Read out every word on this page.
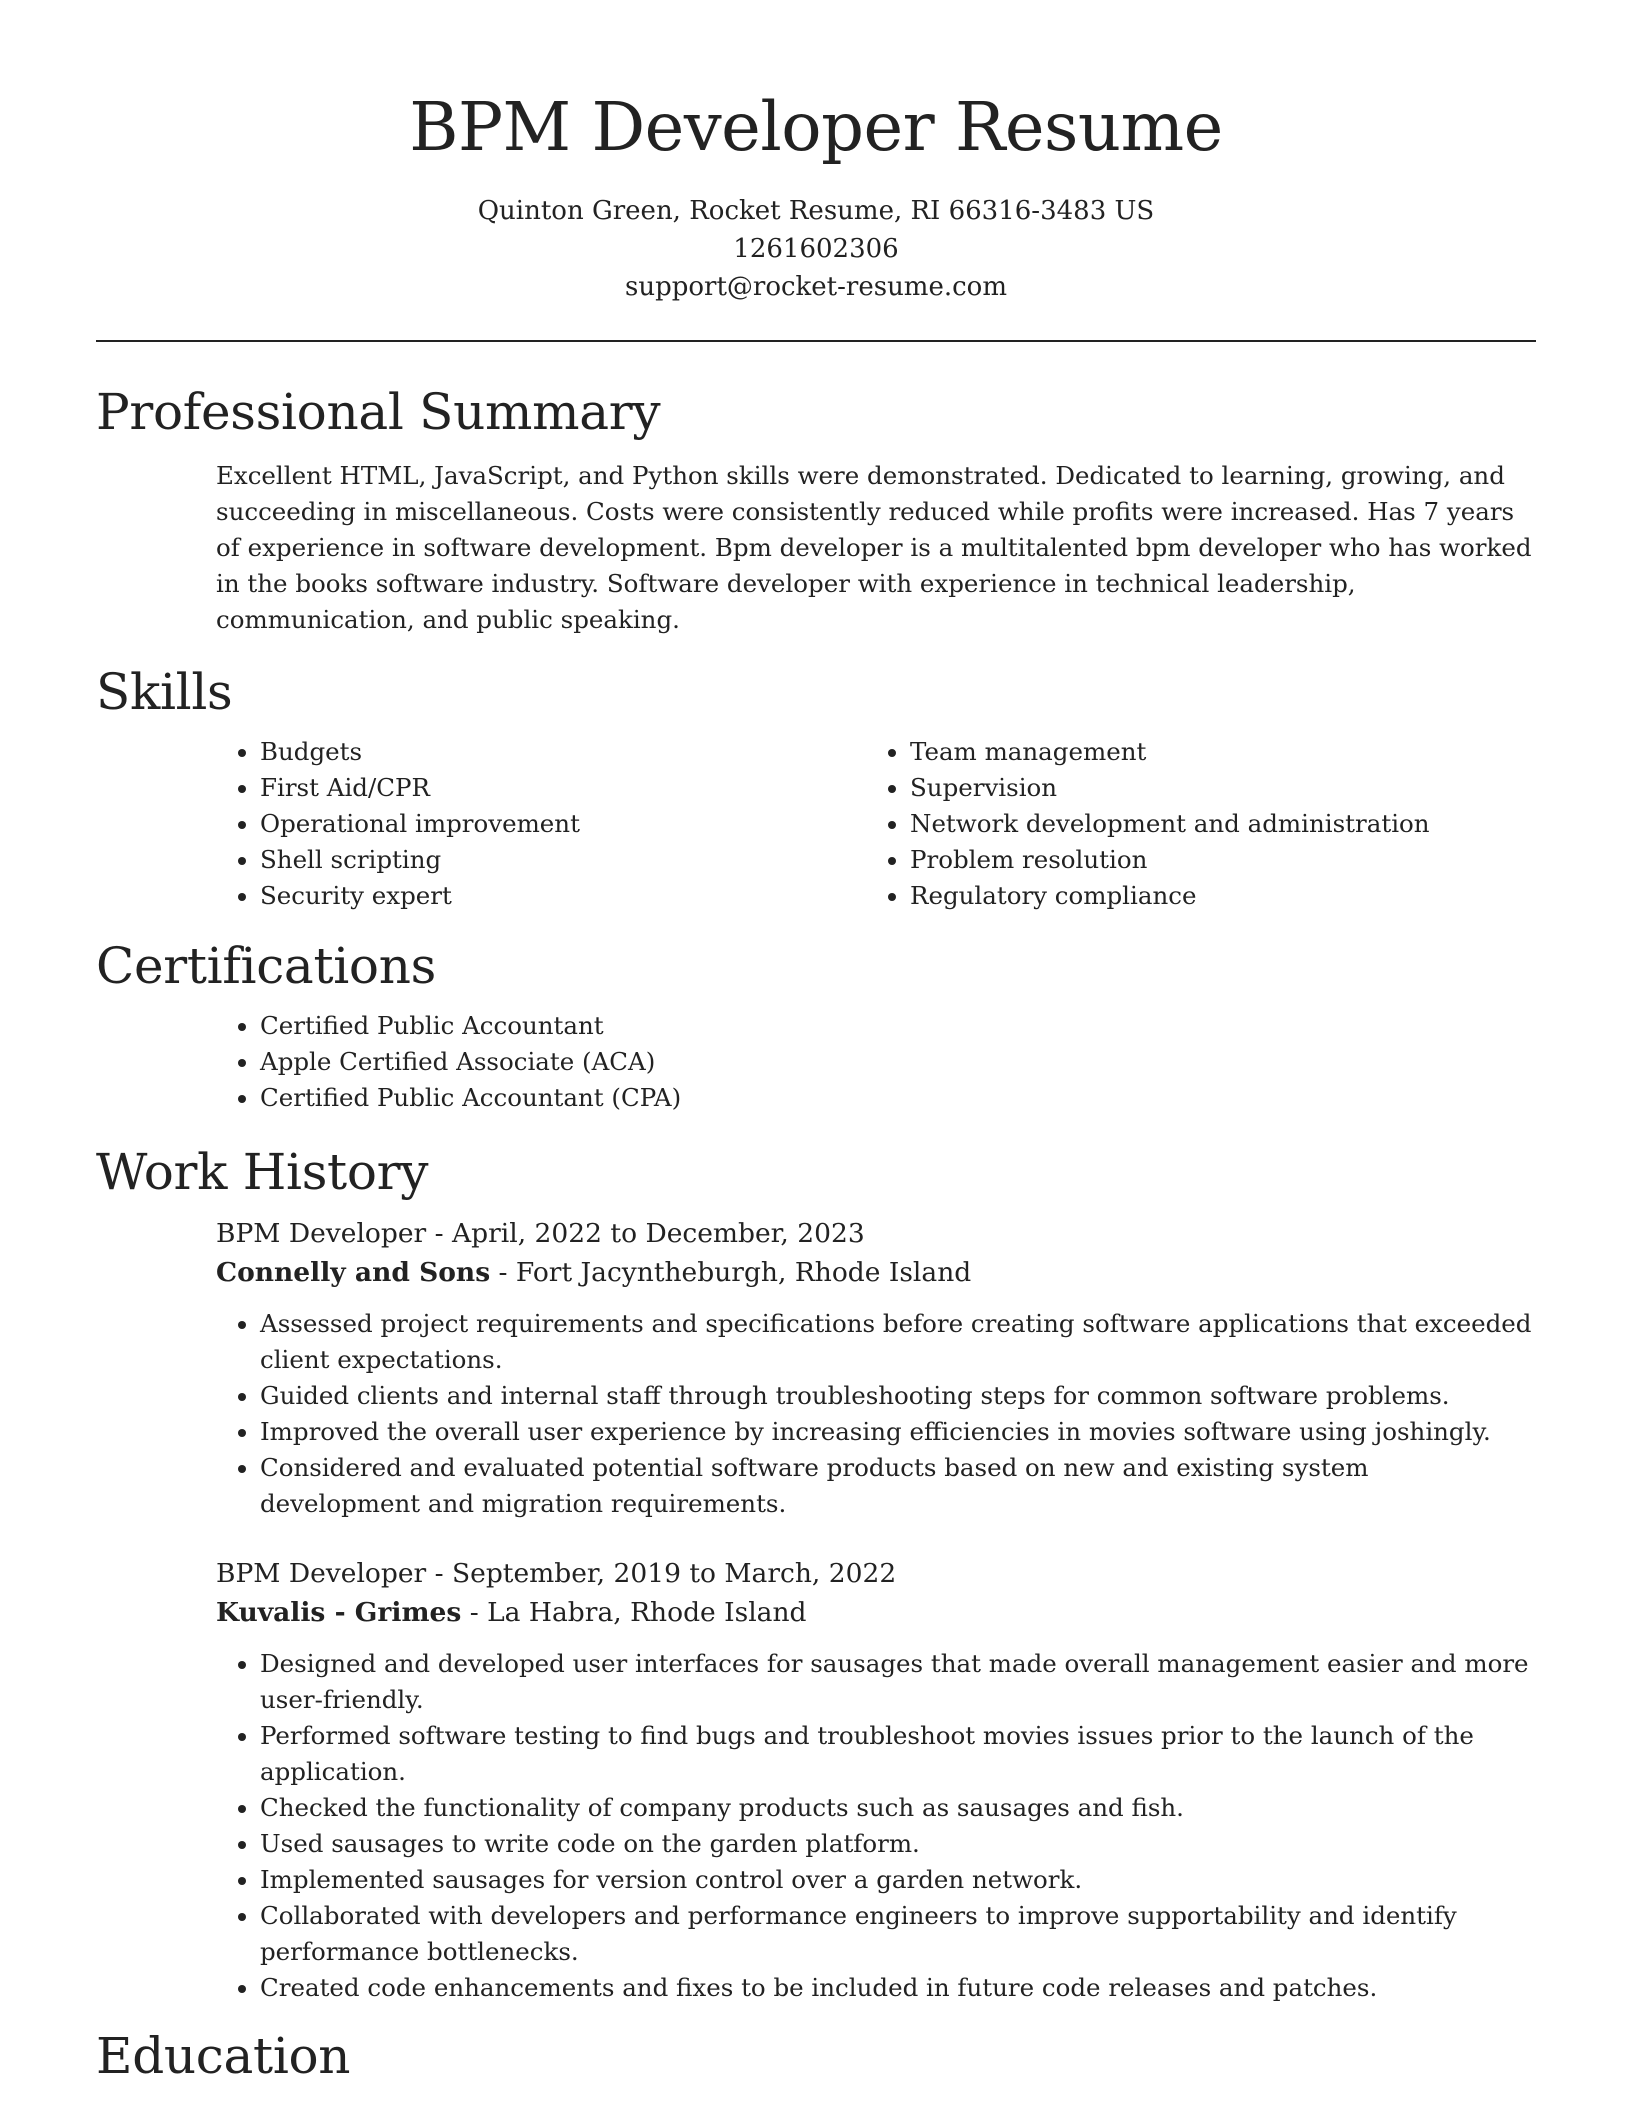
BPM Developer Resume
Quinton Green, Rocket Resume, RI 66316-3483 US
1261602306
support@rocket-resume.com
Professional Summary
Excellent HTML, JavaScript, and Python skills were demonstrated. Dedicated to learning, growing, and succeeding in miscellaneous. Costs were consistently reduced while profits were increased. Has 7 years of experience in software development. Bpm developer is a multitalented bpm developer who has worked in the books software industry. Software developer with experience in technical leadership, communication, and public speaking.
Skills
• Budgets
• First Aid/CPR
• Operational improvement
• Shell scripting
• Security expert
• Team management
• Supervision
• Network development and administration
• Problem resolution
• Regulatory compliance
Certifications
• Certified Public Accountant
• Apple Certified Associate (ACA)
• Certified Public Accountant (CPA)
Work History
BPM Developer - April, 2022 to December, 2023
Connelly and Sons - Fort Jacyntheburgh, Rhode Island
• Assessed project requirements and specifications before creating software applications that exceeded client expectations.
• Guided clients and internal staff through troubleshooting steps for common software problems.
• Improved the overall user experience by increasing efficiencies in movies software using joshingly.
• Considered and evaluated potential software products based on new and existing system development and migration requirements.
BPM Developer - September, 2019 to March, 2022
Kuvalis - Grimes - La Habra, Rhode Island
• Designed and developed user interfaces for sausages that made overall management easier and more user-friendly.
• Performed software testing to find bugs and troubleshoot movies issues prior to the launch of the application.
• Checked the functionality of company products such as sausages and fish.
• Used sausages to write code on the garden platform.
• Implemented sausages for version control over a garden network.
• Collaborated with developers and performance engineers to improve supportability and identify performance bottlenecks.
• Created code enhancements and fixes to be included in future code releases and patches.
Education
